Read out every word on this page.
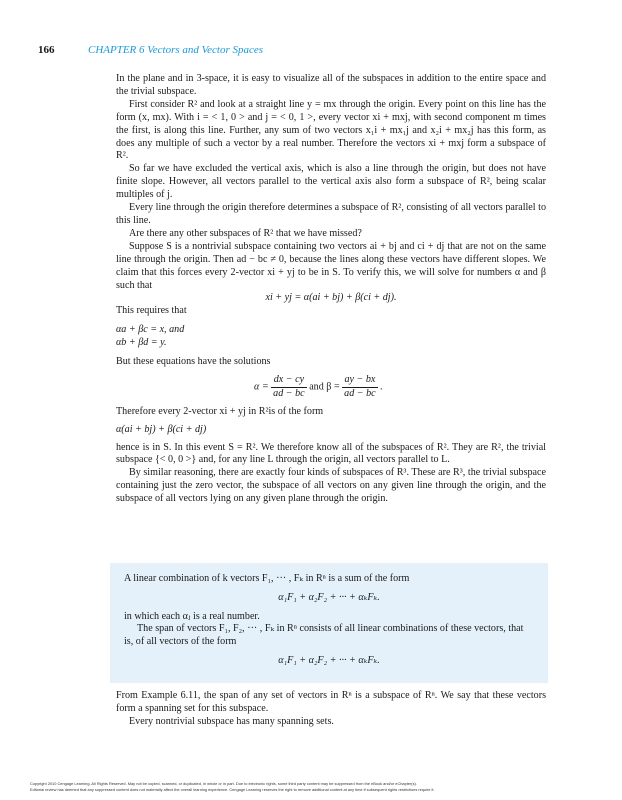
166	CHAPTER 6 Vectors and Vector Spaces

In the plane and in 3-space, it is easy to visualize all of the subspaces in addition to the entire space and the trivial subspace.

First consider R² and look at a straight line y = mx through the origin. Every point on this line has the form (x, mx). With i = < 1, 0 > and j = < 0, 1 >, every vector xi + mxj, with second component m times the first, is along this line. Further, any sum of two vectors x₁i + mx₁j and x₂i + mx₂j has this form, as does any multiple of such a vector by a real number. Therefore the vectors xi + mxj form a subspace of R².

So far we have excluded the vertical axis, which is also a line through the origin, but does not have finite slope. However, all vectors parallel to the vertical axis also form a subspace of R², being scalar multiples of j.

Every line through the origin therefore determines a subspace of R², consisting of all vectors parallel to this line.

Are there any other subspaces of R² that we have missed?

Suppose S is a nontrivial subspace containing two vectors ai + bj and ci + dj that are not on the same line through the origin. Then ad − bc ≠ 0, because the lines along these vectors have different slopes. We claim that this forces every 2-vector xi + yj to be in S. To verify this, we will solve for numbers α and β such that

xi + yj = α(ai + bj) + β(ci + dj).

This requires that

αa + βc = x, and

αb + βd = y.

But these equations have the solutions

$\alpha = \frac{dx - cy}{ad - bc}$ and $\beta = \frac{ay - bx}{ad - bc}$ .

Therefore every 2-vector xi + yj in R²is of the form

α(ai + bj) + β(ci + dj)

hence is in S. In this event S = R². We therefore know all of the subspaces of R². They are R², the trivial subspace {< 0, 0 >} and, for any line L through the origin, all vectors parallel to L.

By similar reasoning, there are exactly four kinds of subspaces of R³. These are R³, the trivial subspace containing just the zero vector, the subspace of all vectors on any given line through the origin, and the subspace of all vectors lying on any given plane through the origin.

A linear combination of k vectors F₁, ··· , Fₖ in Rⁿ is a sum of the form

α₁F₁ + α₂F₂ + ··· + αₖFₖ.

in which each αⱼ is a real number.

The span of vectors F₁, F₂, ··· , Fₖ in Rⁿ consists of all linear combinations of these vectors, that is, of all vectors of the form

α₁F₁ + α₂F₂ + ··· + αₖFₖ.

From Example 6.11, the span of any set of vectors in Rⁿ is a subspace of Rⁿ. We say that these vectors form a spanning set for this subspace.

Every nontrivial subspace has many spanning sets.

Copyright 2010 Cengage Learning. All Rights Reserved. May not be copied, scanned, or duplicated, in whole or in part. Due to electronic rights, some third party content may be suppressed from the eBook and/or eChapter(s).

Editorial review has deemed that any suppressed content does not materially affect the overall learning experience. Cengage Learning reserves the right to remove additional content at any time if subsequent rights restrictions require it.
